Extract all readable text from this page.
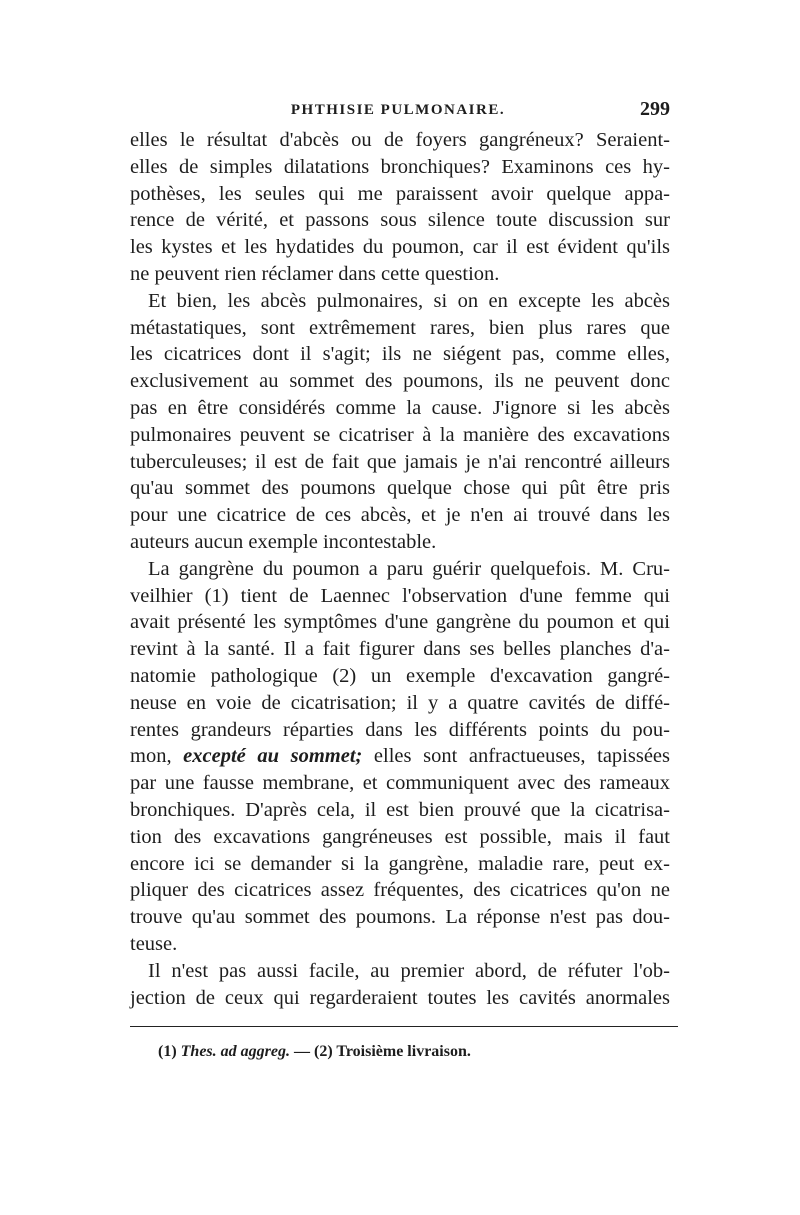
PHTHISIE PULMONAIRE.	299
elles le résultat d'abcès ou de foyers gangréneux? Seraient-
elles de simples dilatations bronchiques? Examinons ces hy-
pothèses, les seules qui me paraissent avoir quelque appa-
rence de vérité, et passons sous silence toute discussion sur
les kystes et les hydatides du poumon, car il est évident qu'ils
ne peuvent rien réclamer dans cette question.
Et bien, les abcès pulmonaires, si on en excepte les abcès
métastatiques, sont extrêmement rares, bien plus rares que
les cicatrices dont il s'agit; ils ne siégent pas, comme elles,
exclusivement au sommet des poumons, ils ne peuvent donc
pas en être considérés comme la cause. J'ignore si les abcès
pulmonaires peuvent se cicatriser à la manière des excavations
tuberculeuses; il est de fait que jamais je n'ai rencontré ailleurs
qu'au sommet des poumons quelque chose qui pût être pris
pour une cicatrice de ces abcès, et je n'en ai trouvé dans les
auteurs aucun exemple incontestable.
La gangrène du poumon a paru guérir quelquefois. M. Cru-
veilhier (1) tient de Laennec l'observation d'une femme qui
avait présenté les symptômes d'une gangrène du poumon et qui
revint à la santé. Il a fait figurer dans ses belles planches d'a-
natomie pathologique (2) un exemple d'excavation gangré-
neuse en voie de cicatrisation; il y a quatre cavités de diffé-
rentes grandeurs réparties dans les différents points du pou-
mon, excepté au sommet; elles sont anfractueuses, tapissées
par une fausse membrane, et communiquent avec des rameaux
bronchiques. D'après cela, il est bien prouvé que la cicatrisa-
tion des excavations gangréneuses est possible, mais il faut
encore ici se demander si la gangrène, maladie rare, peut ex-
pliquer des cicatrices assez fréquentes, des cicatrices qu'on ne
trouve qu'au sommet des poumons. La réponse n'est pas dou-
teuse.
Il n'est pas aussi facile, au premier abord, de réfuter l'ob-
jection de ceux qui regarderaient toutes les cavités anormales
(1) Thes. ad aggreg. — (2) Troisième livraison.
